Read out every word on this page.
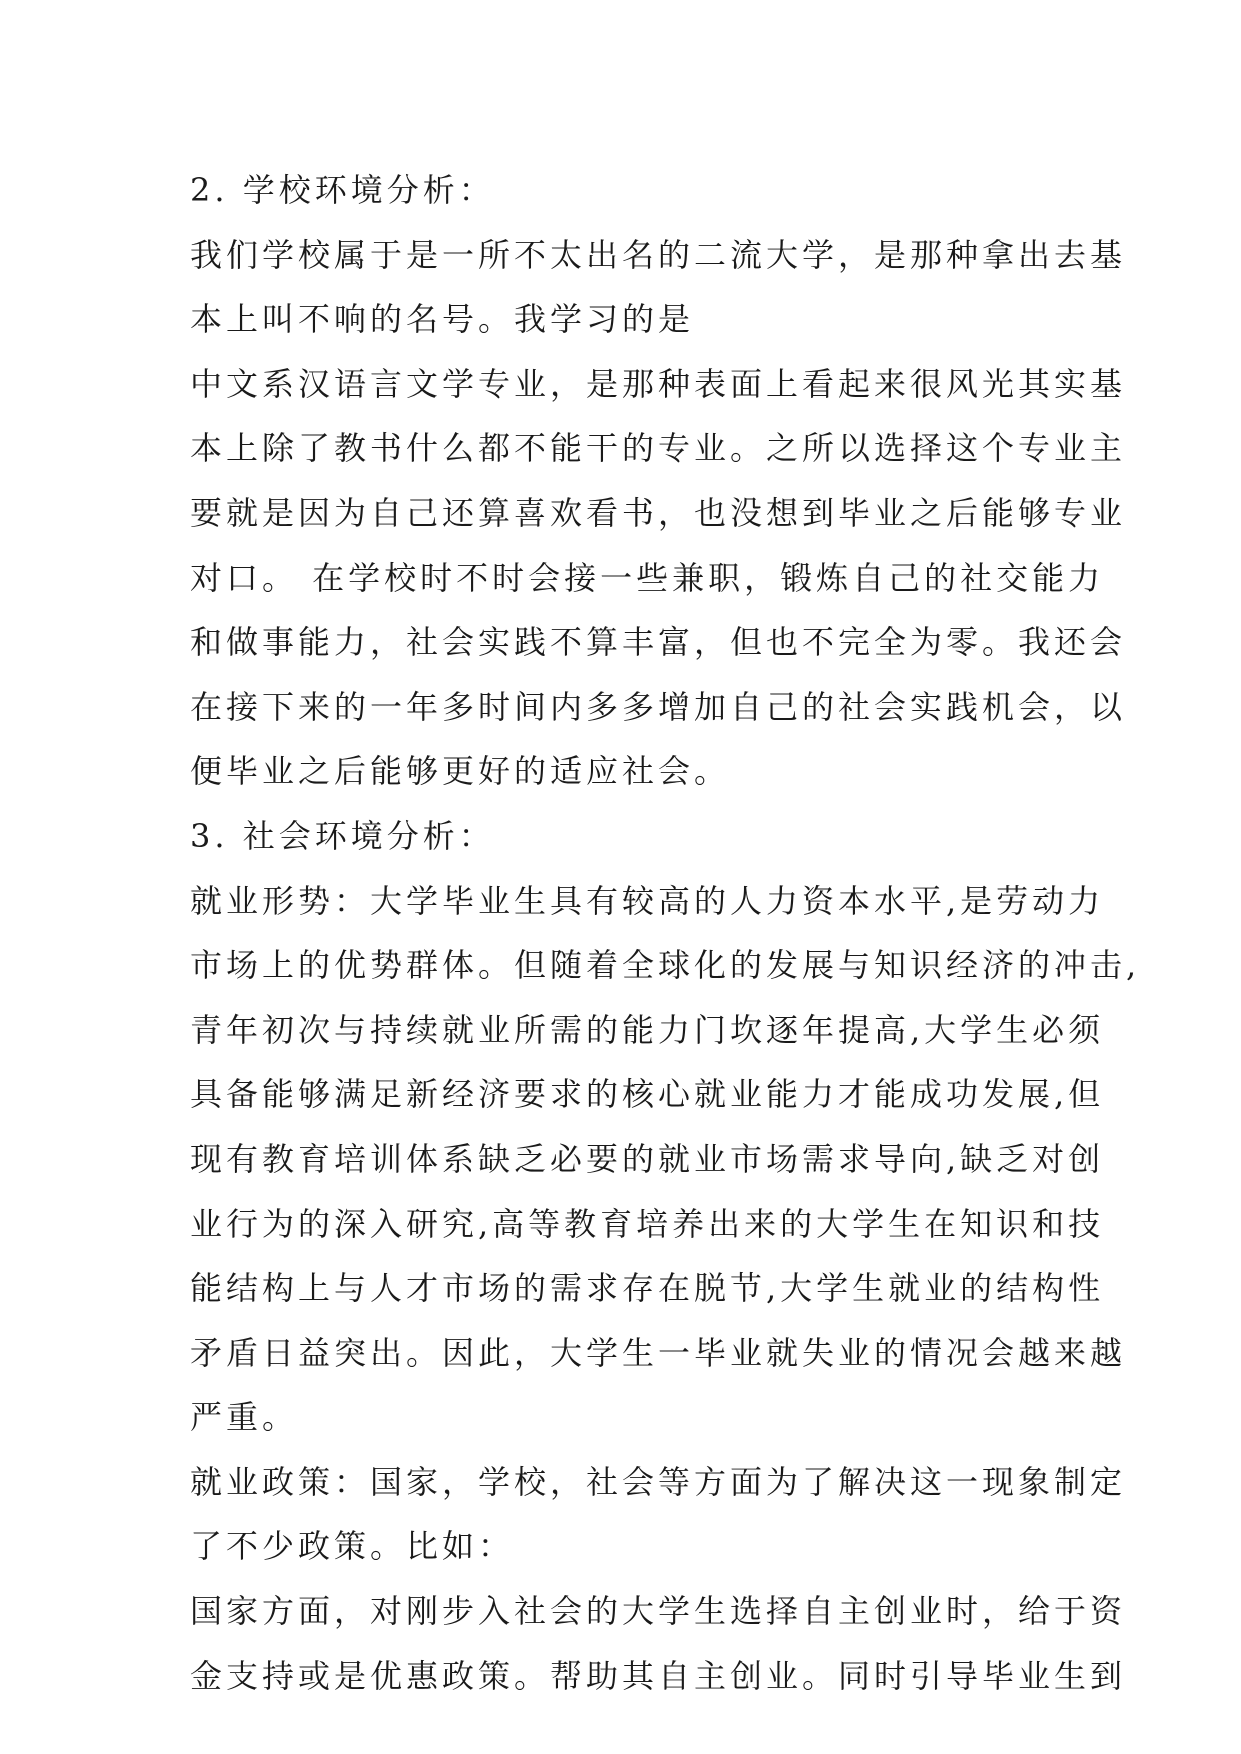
2. 学校环境分析：
我们学校属于是一所不太出名的二流大学，是那种拿出去基
本上叫不响的名号。我学习的是
中文系汉语言文学专业，是那种表面上看起来很风光其实基
本上除了教书什么都不能干的专业。之所以选择这个专业主
要就是因为自己还算喜欢看书，也没想到毕业之后能够专业
对口。 在学校时不时会接一些兼职，锻炼自己的社交能力
和做事能力，社会实践不算丰富，但也不完全为零。我还会
在接下来的一年多时间内多多增加自己的社会实践机会，以
便毕业之后能够更好的适应社会。
3. 社会环境分析：
就业形势：大学毕业生具有较高的人力资本水平,是劳动力
市场上的优势群体。但随着全球化的发展与知识经济的冲击,
青年初次与持续就业所需的能力门坎逐年提高,大学生必须
具备能够满足新经济要求的核心就业能力才能成功发展,但
现有教育培训体系缺乏必要的就业市场需求导向,缺乏对创
业行为的深入研究,高等教育培养出来的大学生在知识和技
能结构上与人才市场的需求存在脱节,大学生就业的结构性
矛盾日益突出。因此，大学生一毕业就失业的情况会越来越
严重。
就业政策：国家，学校，社会等方面为了解决这一现象制定
了不少政策。比如：
国家方面，对刚步入社会的大学生选择自主创业时，给于资
金支持或是优惠政策。帮助其自主创业。同时引导毕业生到
